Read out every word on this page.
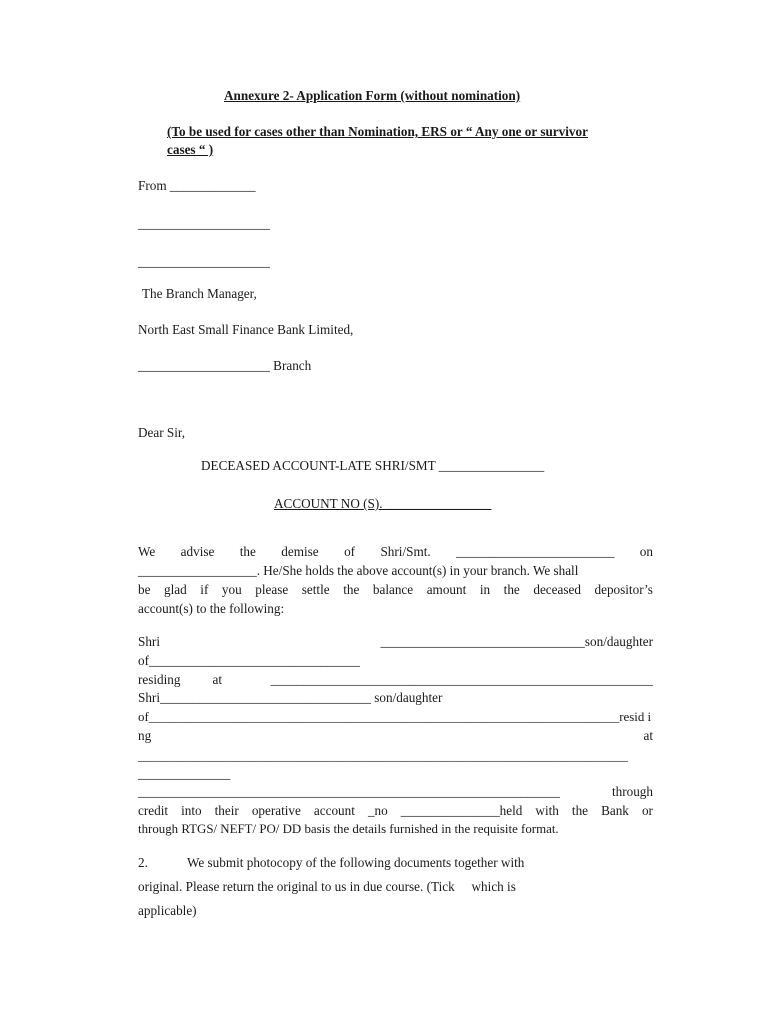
Annexure 2- Application Form (without nomination)
(To be used for cases other than Nomination, ERS or “ Any one or survivor
cases “ )
From _____________
____________________
____________________
The Branch Manager,
North East Small Finance Bank Limited,
____________________ Branch
Dear Sir,
DECEASED ACCOUNT-LATE SHRI/SMT ________________
ACCOUNT NO (S). ________________
We advise the demise of Shri/Smt. ________________________ on
__________________. He/She holds the above account(s) in your branch. We shall
be glad if you please settle the balance amount in the deceased depositor’s
account(s) to the following:
Shri	_______________________________son/daughter
of________________________________
residing at	__________________________________________________________
Shri________________________________ son/daughter
of_________________________________________________________________________resid i
ng	at
____________________________________________________________________________
______________
________________________________________________________________	through
credit into their operative account _no _______________held with the Bank or
through RTGS/ NEFT/ PO/ DD basis the details furnished in the requisite format.
2.	We submit photocopy of the following documents together with
original. Please return the original to us in due course. (Tick   which is
applicable)
